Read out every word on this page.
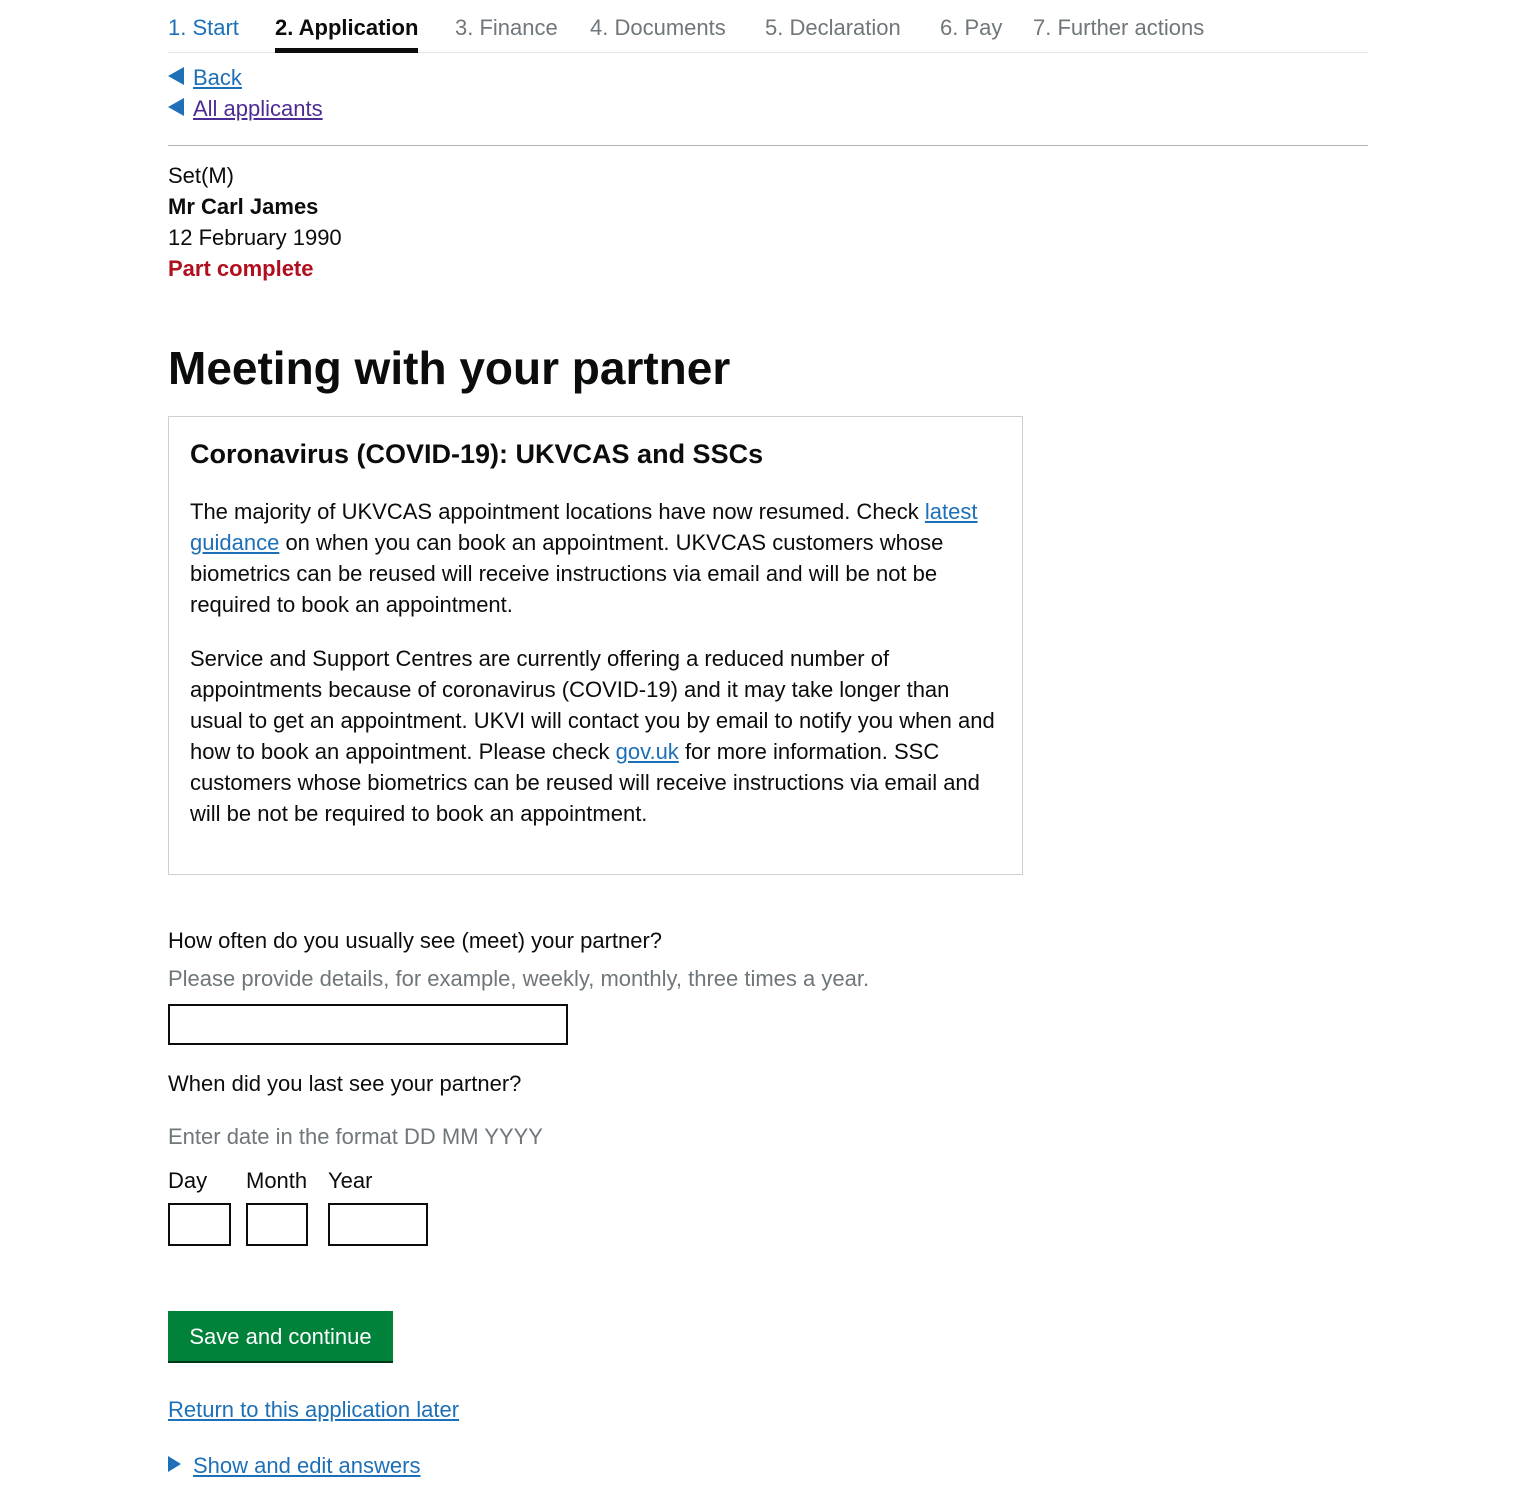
1. Start 2. Application 3. Finance 4. Documents 5. Declaration 6. Pay 7. Further actions
Back
All applicants
Set(M)
Mr Carl James
12 February 1990
Part complete
Meeting with your partner
Coronavirus (COVID-19): UKVCAS and SSCs

The majority of UKVCAS appointment locations have now resumed. Check latest guidance on when you can book an appointment. UKVCAS customers whose biometrics can be reused will receive instructions via email and will be not be required to book an appointment.

Service and Support Centres are currently offering a reduced number of appointments because of coronavirus (COVID-19) and it may take longer than usual to get an appointment. UKVI will contact you by email to notify you when and how to book an appointment. Please check gov.uk for more information. SSC customers whose biometrics can be reused will receive instructions via email and will be not be required to book an appointment.

How often do you usually see (meet) your partner?
Please provide details, for example, weekly, monthly, three times a year.
When did you last see your partner?
Enter date in the format DD MM YYYY
Day Month Year
Save and continue
Return to this application later
Show and edit answers
